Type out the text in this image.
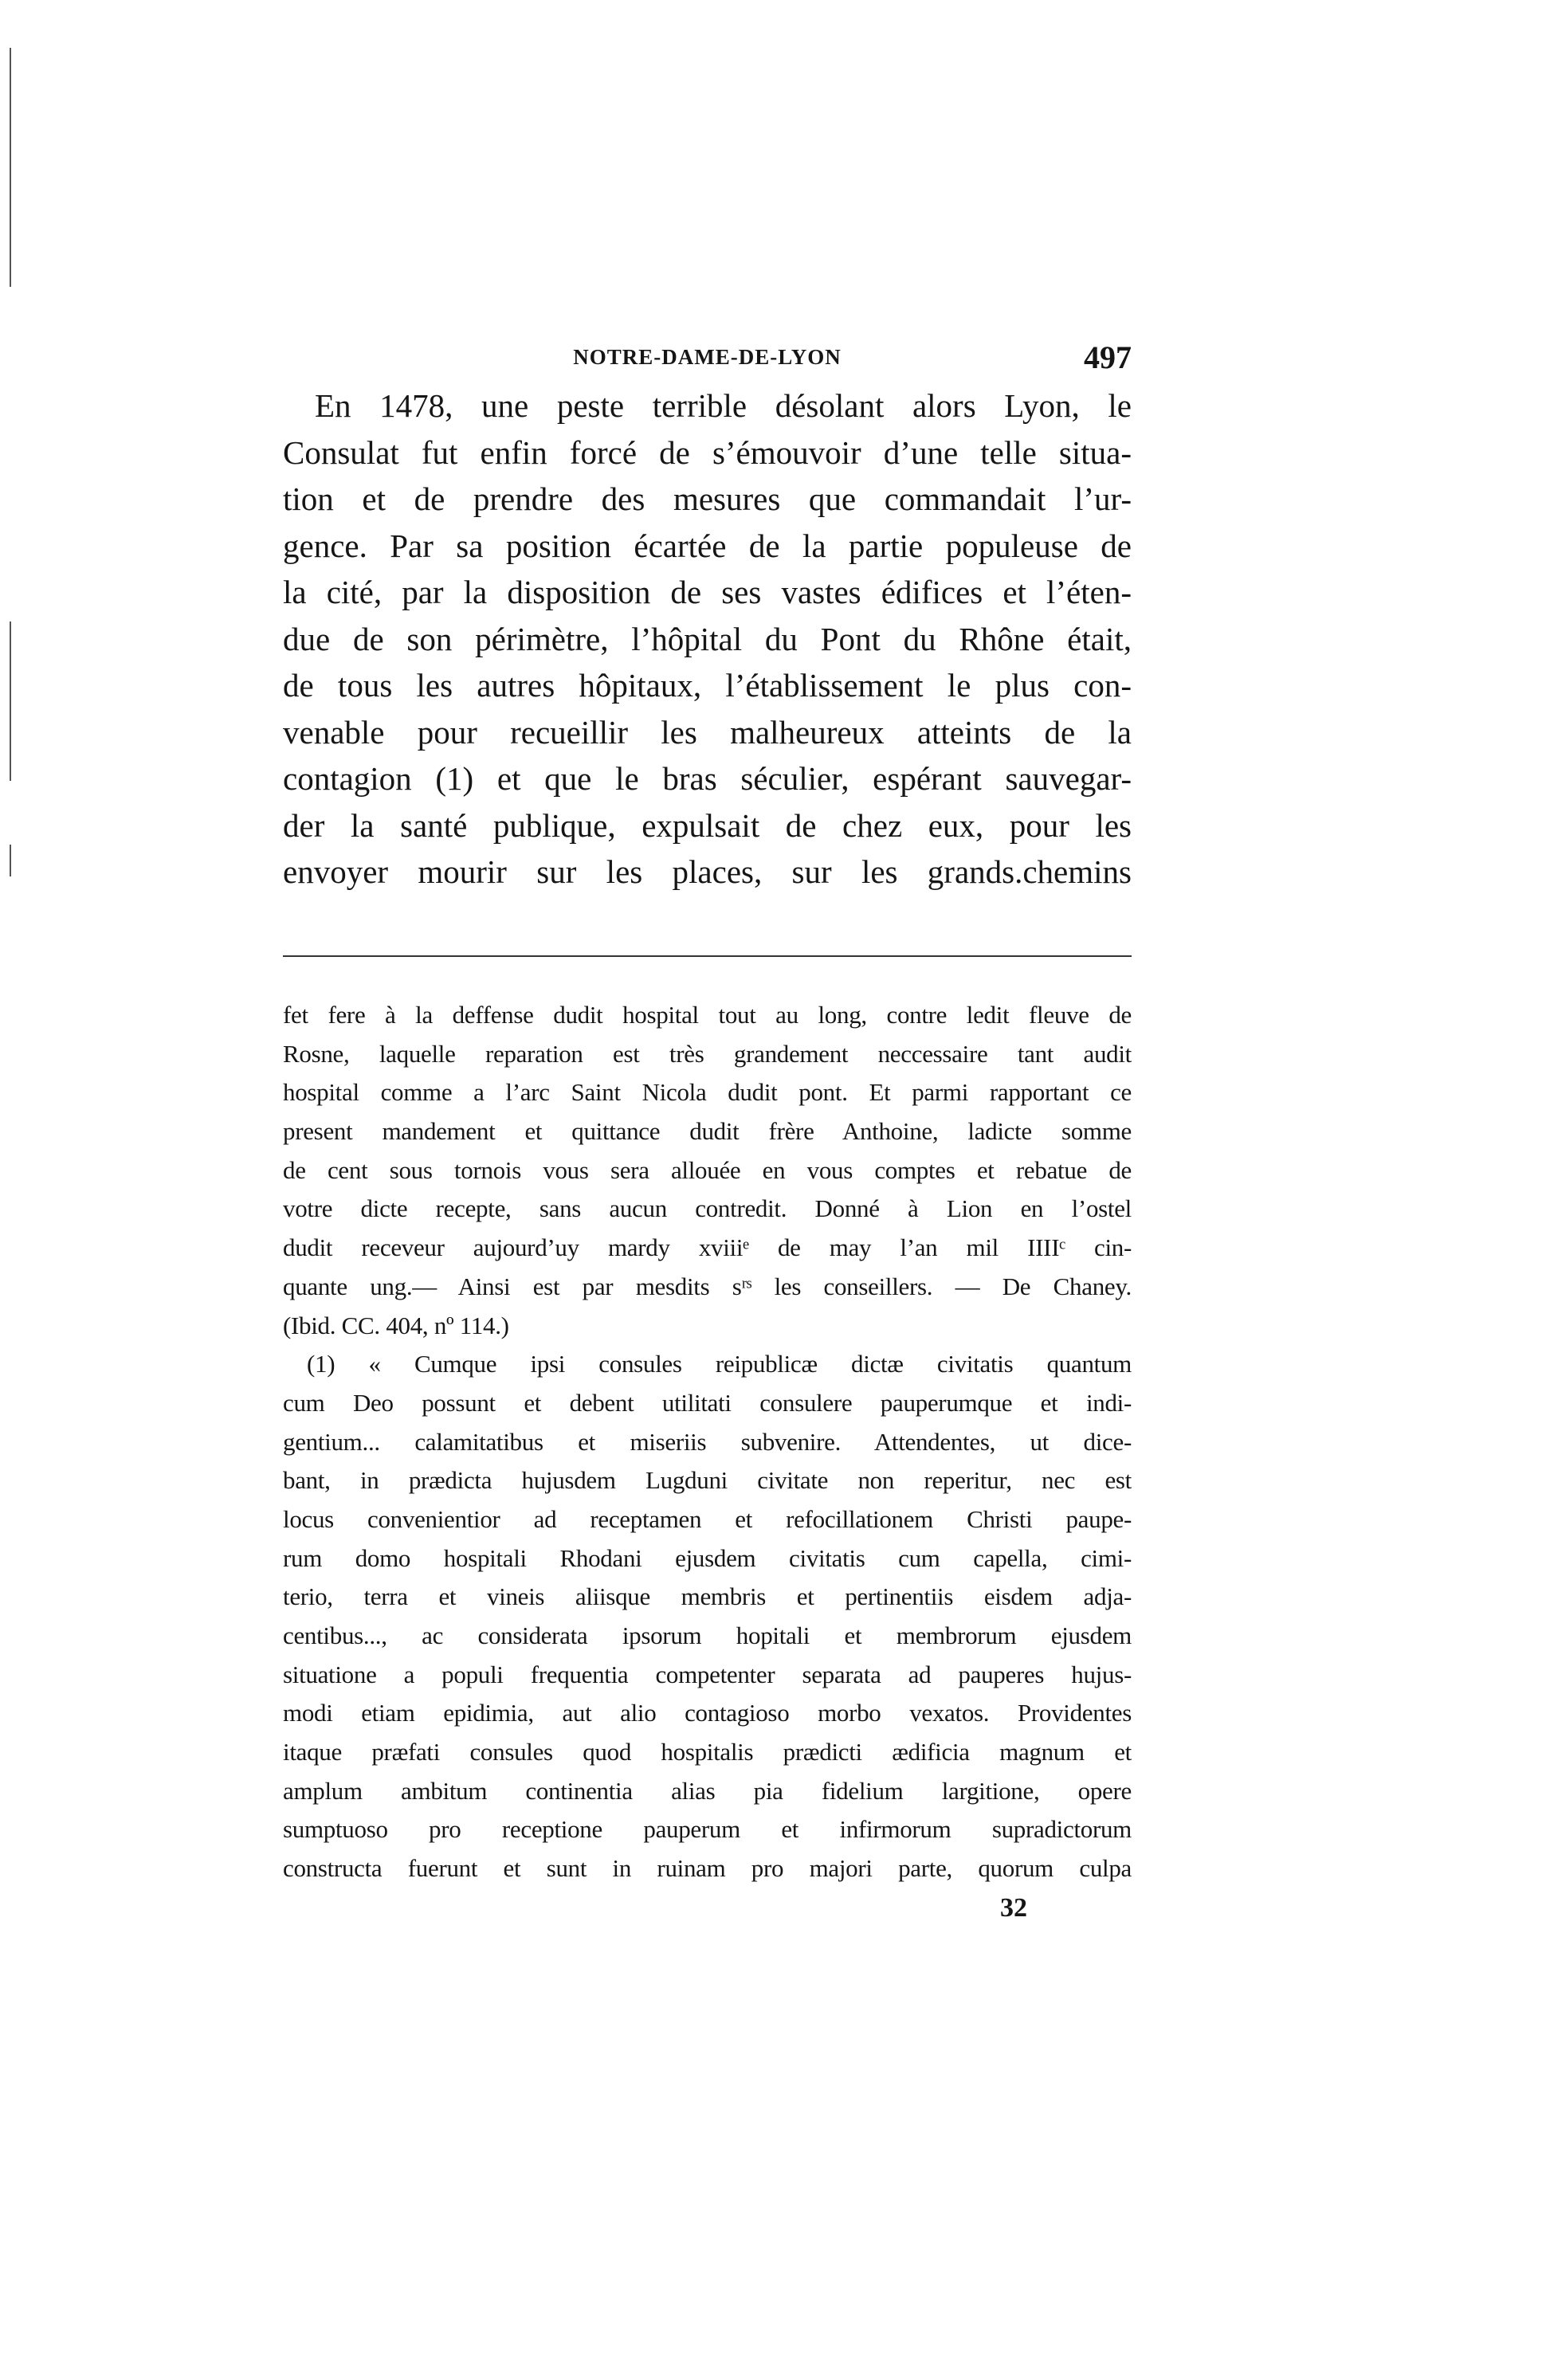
NOTRE-DAME-DE-LYON	497
En 1478, une peste terrible désolant alors Lyon, le
Consulat fut enfin forcé de s’émouvoir d’une telle situa-
tion et de prendre des mesures que commandait l’ur-
gence. Par sa position écartée de la partie populeuse de
la cité, par la disposition de ses vastes édifices et l’éten-
due de son périmètre, l’hôpital du Pont du Rhône était,
de tous les autres hôpitaux, l’établissement le plus con-
venable pour recueillir les malheureux atteints de la
contagion (1) et que le bras séculier, espérant sauvegar-
der la santé publique, expulsait de chez eux, pour les
envoyer mourir sur les places, sur les grands.chemins
fet fere à la deffense dudit hospital tout au long, contre ledit fleuve de
Rosne, laquelle reparation est très grandement neccessaire tant audit
hospital comme a l’arc Saint Nicola dudit pont. Et parmi rapportant ce
present mandement et quittance dudit frère Anthoine, ladicte somme
de cent sous tornois vous sera allouée en vous comptes et rebatue de
votre dicte recepte, sans aucun contredit. Donné à Lion en l’ostel
dudit receveur aujourd’uy mardy xviiiᵉ de may l’an mil IIIIᶜ cin-
quante ung.— Ainsi est par mesdits sʳˢ les conseillers. — De Chaney.
(Ibid. CC. 404, nº 114.)
(1) « Cumque ipsi consules reipublicæ dictæ civitatis quantum
cum Deo possunt et debent utilitati consulere pauperumque et indi-
gentium... calamitatibus et miseriis subvenire. Attendentes, ut dice-
bant, in prædicta hujusdem Lugduni civitate non reperitur, nec est
locus convenientior ad receptamen et refocillationem Christi paupe-
rum domo hospitali Rhodani ejusdem civitatis cum capella, cimi-
terio, terra et vineis aliisque membris et pertinentiis eisdem adja-
centibus..., ac considerata ipsorum hopitali et membrorum ejusdem
situatione a populi frequentia competenter separata ad pauperes hujus-
modi etiam epidimia, aut alio contagioso morbo vexatos. Providentes
itaque præfati consules quod hospitalis prædicti ædificia magnum et
amplum ambitum continentia alias pia fidelium largitione, opere
sumptuoso pro receptione pauperum et infirmorum supradictorum
constructa fuerunt et sunt in ruinam pro majori parte, quorum culpa
32
